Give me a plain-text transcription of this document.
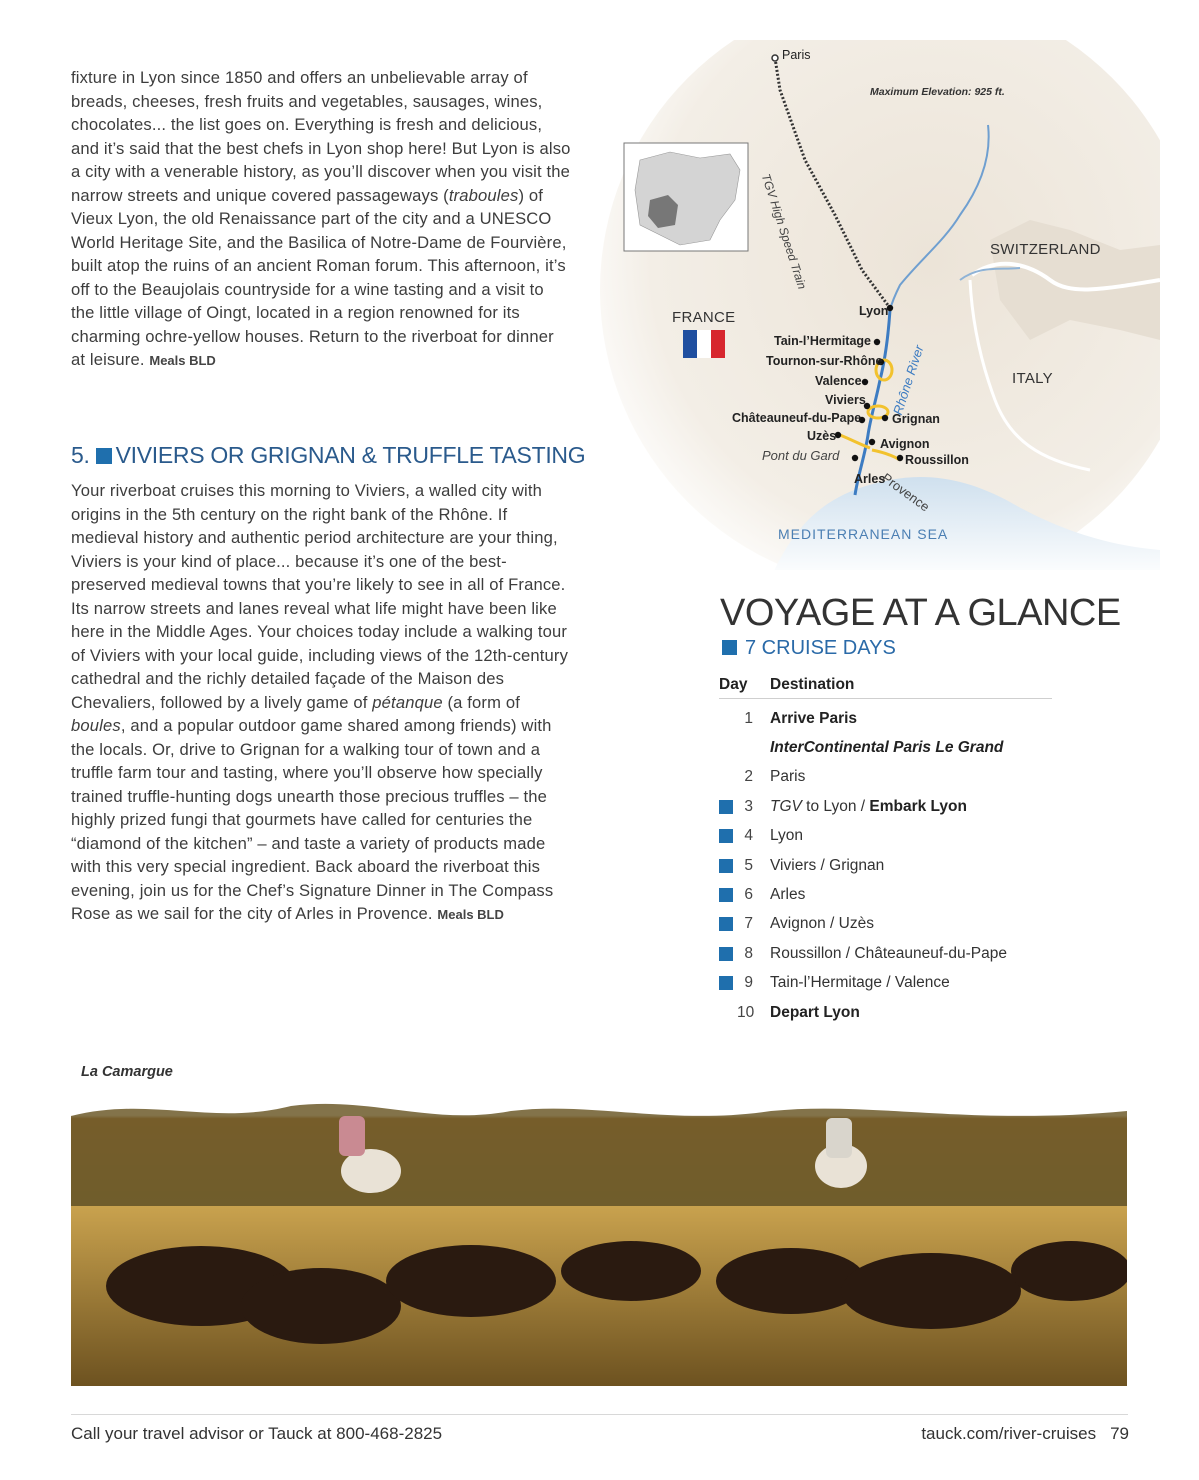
fixture in Lyon since 1850 and offers an unbelievable array of breads, cheeses, fresh fruits and vegetables, sausages, wines, chocolates... the list goes on. Everything is fresh and delicious, and it’s said that the best chefs in Lyon shop here! But Lyon is also a city with a venerable history, as you’ll discover when you visit the narrow streets and unique covered passageways (traboules) of Vieux Lyon, the old Renaissance part of the city and a UNESCO World Heritage Site, and the Basilica of Notre-Dame de Fourvière, built atop the ruins of an ancient Roman forum. This afternoon, it’s off to the Beaujolais countryside for a wine tasting and a visit to the little village of Oingt, located in a region renowned for its charming ochre-yellow houses. Return to the riverboat for dinner at leisure. Meals BLD
5. VIVIERS OR GRIGNAN & TRUFFLE TASTING
Your riverboat cruises this morning to Viviers, a walled city with origins in the 5th century on the right bank of the Rhône. If medieval history and authentic period architecture are your thing, Viviers is your kind of place... because it’s one of the best-preserved medieval towns that you’re likely to see in all of France. Its narrow streets and lanes reveal what life might have been like here in the Middle Ages. Your choices today include a walking tour of Viviers with your local guide, including views of the 12th-century cathedral and the richly detailed façade of the Maison des Chevaliers, followed by a lively game of pétanque (a form of boules, and a popular outdoor game shared among friends) with the locals. Or, drive to Grignan for a walking tour of town and a truffle farm tour and tasting, where you’ll observe how specially trained truffle-hunting dogs unearth those precious truffles – the highly prized fungi that gourmets have called for centuries the “diamond of the kitchen” – and taste a variety of products made with this very special ingredient. Back aboard the riverboat this evening, join us for the Chef’s Signature Dinner in The Compass Rose as we sail for the city of Arles in Provence. Meals BLD
Paris
Maximum Elevation: 925 ft.
TGV High Speed Train	SWITZERLAND
FRANCE
ITALY
Lyon
Tain-l’Hermitage
Tournon-sur-Rhône
Valence
Viviers
Châteauneuf-du-Pape Grignan
Uzès
Avignon
Pont du Gard	Roussillon
Arles
Provence
Rhône River
MEDITERRANEAN SEA
VOYAGE AT A GLANCE
7 CRUISE DAYS
Day	Destination
1 Arrive Paris
InterContinental Paris Le Grand
2 Paris
3 TGV to Lyon / Embark Lyon
4 Lyon
5 Viviers / Grignan
6 Arles
7 Avignon / Uzès
8 Roussillon / Châteauneuf-du-Pape
9 Tain-l’Hermitage / Valence
10 Depart Lyon
La Camargue
Call your travel advisor or Tauck at 800-468-2825	tauck.com/river-cruises 79
